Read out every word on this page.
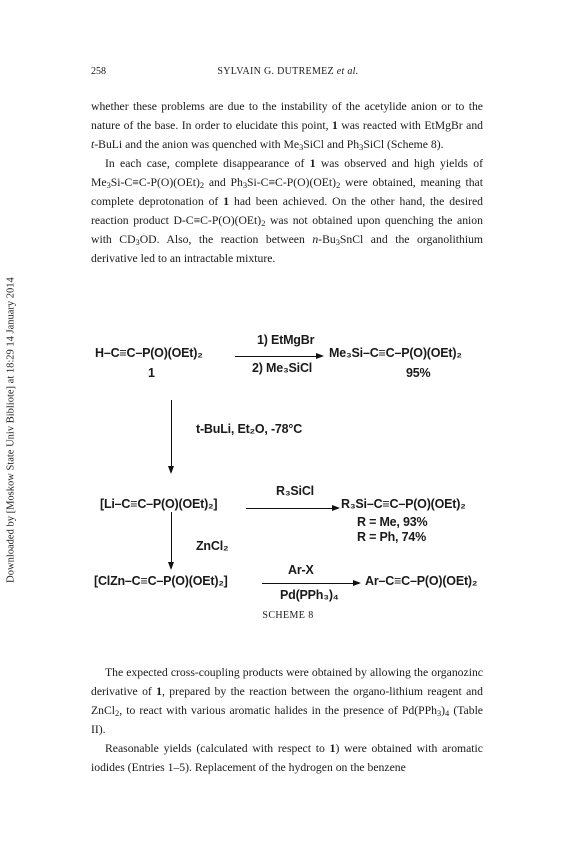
258	SYLVAIN G. DUTREMEZ et al.
Downloaded by [Moskow State Univ Bibliote] at 18:29 14 January 2014

whether these problems are due to the instability of the acetylide anion or to the nature of the base. In order to elucidate this point, 1 was reacted with EtMgBr and t-BuLi and the anion was quenched with $Me_3SiCl$ and $Ph_3SiCl$ (Scheme 8).

In each case, complete disappearance of 1 was observed and high yields of $Me_3Si-C\equiv C-P(O)(OEt)_2$ and $Ph_3Si-C\equiv C-P(O)(OEt)_2$ were obtained, meaning that complete deprotonation of 1 had been achieved. On the other hand, the desired reaction product $D-C\equiv C-P(O)(OEt)_2$ was not obtained upon quenching the anion with $CD_3OD$. Also, the reaction between $n-Bu_3SnCl$ and the organolithium derivative led to an intractable mixture.

1) EtMgBr
H–C≡C–P(O)(OEt)₂	Me₃Si–C≡C–P(O)(OEt)₂
2) Me₃SiCl
1	95%
t-BuLi, Et₂O, -78°C
R₃SiCl
[Li–C≡C–P(O)(OEt)₂]	R₃Si–C≡C–P(O)(OEt)₂
R = Me, 93%
R = Ph, 74%
ZnCl₂
Ar-X
[ClZn–C≡C–P(O)(OEt)₂]	Ar–C≡C–P(O)(OEt)₂
Pd(PPh₃)₄
SCHEME 8

The expected cross-coupling products were obtained by allowing the organozinc derivative of 1, prepared by the reaction between the organo-lithium reagent and ZnCl$_2$, to react with various aromatic halides in the presence of $Pd(PPh_3)_4$ (Table II).

Reasonable yields (calculated with respect to 1) were obtained with aromatic iodides (Entries 1–5). Replacement of the hydrogen on the benzene
